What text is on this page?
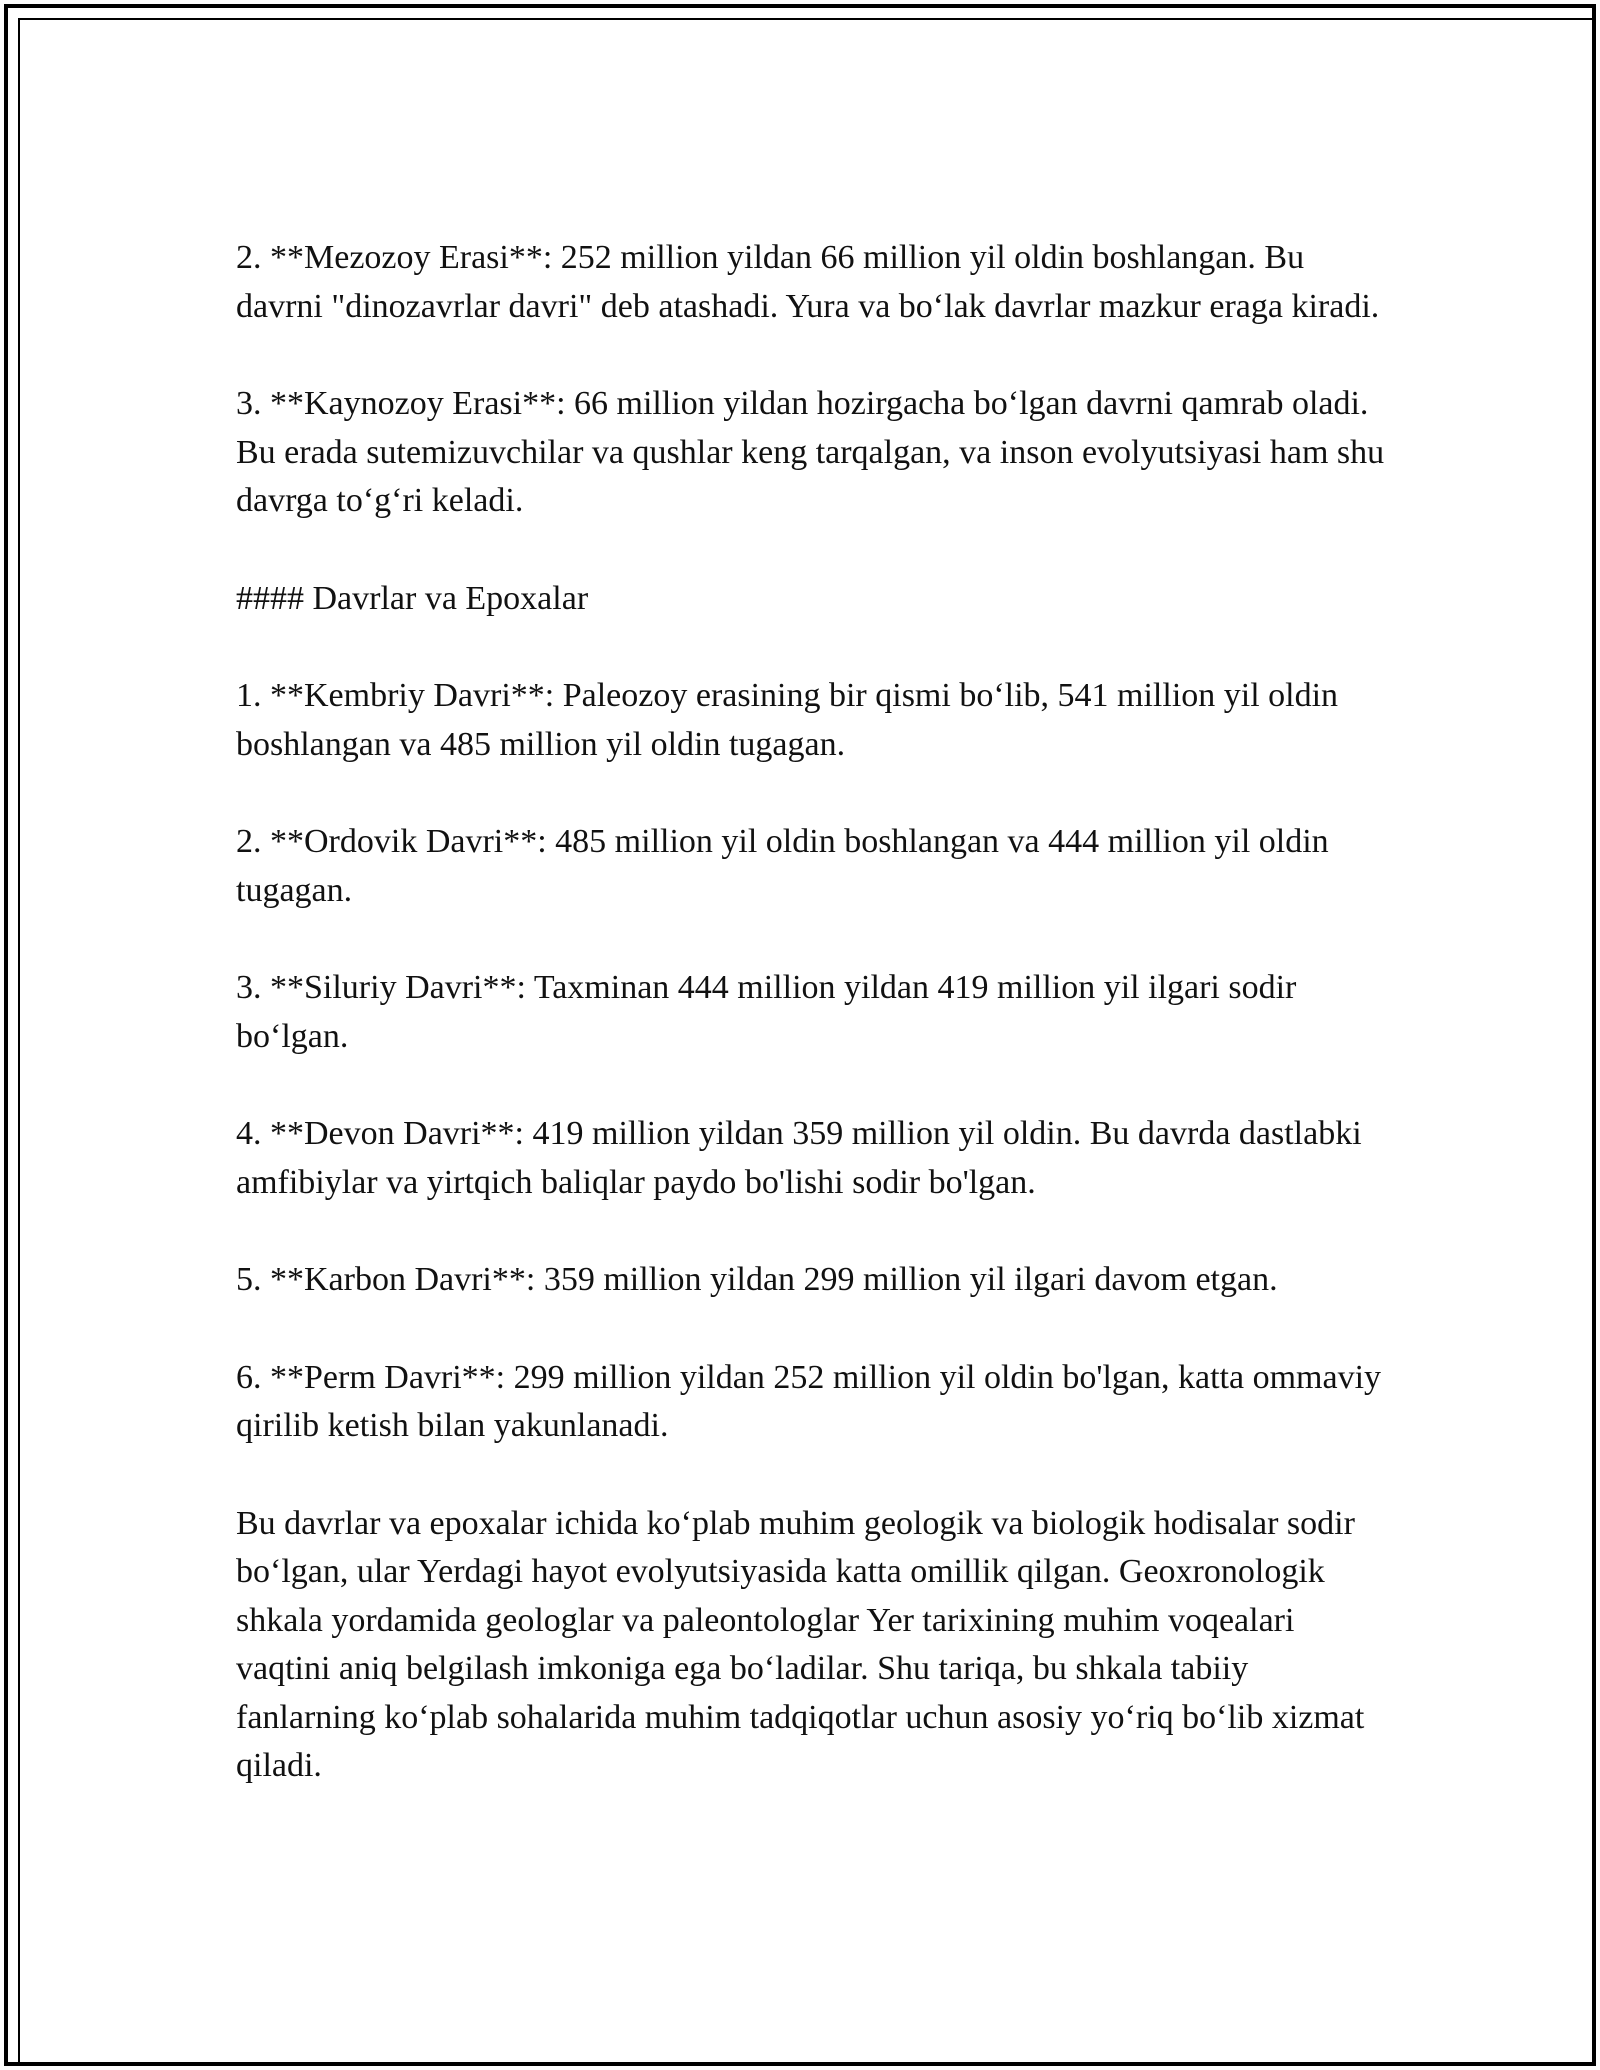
2. **Mezozoy Erasi**: 252 million yildan 66 million yil oldin boshlangan. Bu davrni "dinozavrlar davri" deb atashadi. Yura va bo‘lak davrlar mazkur eraga kiradi.

3. **Kaynozoy Erasi**: 66 million yildan hozirgacha bo‘lgan davrni qamrab oladi. Bu erada sutemizuvchilar va qushlar keng tarqalgan, va inson evolyutsiyasi ham shu davrga to‘g‘ri keladi.

#### Davrlar va Epoxalar

1. **Kembriy Davri**: Paleozoy erasining bir qismi bo‘lib, 541 million yil oldin boshlangan va 485 million yil oldin tugagan.

2. **Ordovik Davri**: 485 million yil oldin boshlangan va 444 million yil oldin tugagan.

3. **Siluriy Davri**: Taxminan 444 million yildan 419 million yil ilgari sodir bo‘lgan.

4. **Devon Davri**: 419 million yildan 359 million yil oldin. Bu davrda dastlabki amfibiylar va yirtqich baliqlar paydo bo'lishi sodir bo'lgan.

5. **Karbon Davri**: 359 million yildan 299 million yil ilgari davom etgan.

6. **Perm Davri**: 299 million yildan 252 million yil oldin bo'lgan, katta ommaviy qirilib ketish bilan yakunlanadi.

Bu davrlar va epoxalar ichida ko‘plab muhim geologik va biologik hodisalar sodir bo‘lgan, ular Yerdagi hayot evolyutsiyasida katta omillik qilgan. Geoxronologik shkala yordamida geologlar va paleontologlar Yer tarixining muhim voqealari vaqtini aniq belgilash imkoniga ega bo‘ladilar. Shu tariqa, bu shkala tabiiy fanlarning ko‘plab sohalarida muhim tadqiqotlar uchun asosiy yo‘riq bo‘lib xizmat qiladi.
